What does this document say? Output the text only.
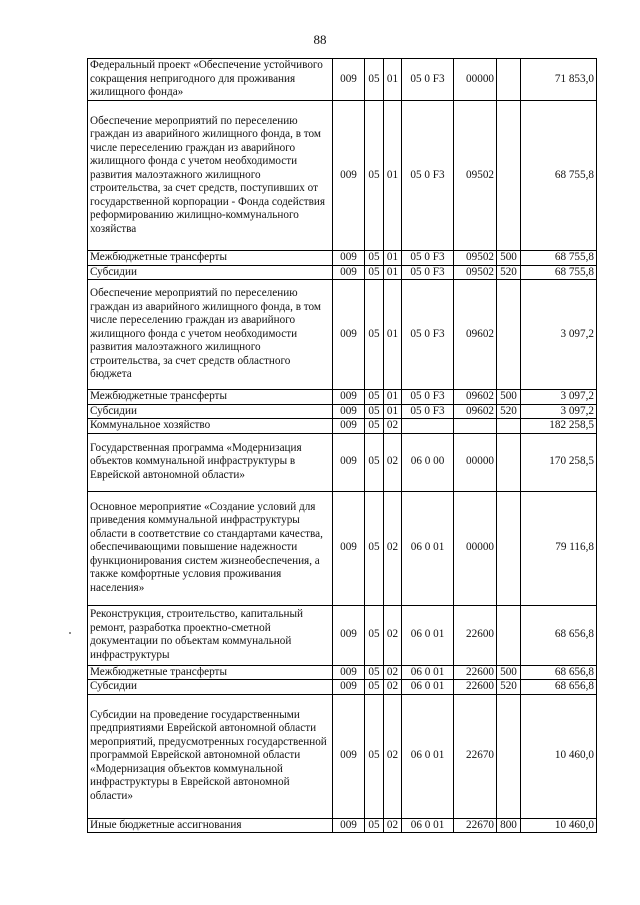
88
Федеральный проект «Обеспечение устойчивого сокращения непригодного для проживания жилищного фонда»	009	05	01	05 0 F3	00000		71 853,0
Обеспечение мероприятий по переселению граждан из аварийного жилищного фонда, в том числе переселению граждан из аварийного жилищного фонда с учетом необходимости развития малоэтажного жилищного строительства, за счет средств, поступивших от государственной корпорации - Фонда содействия реформированию жилищно-коммунального хозяйства	009	05	01	05 0 F3	09502		68 755,8
Межбюджетные трансферты	009	05	01	05 0 F3	09502	500	68 755,8
Субсидии	009	05	01	05 0 F3	09502	520	68 755,8
Обеспечение мероприятий по переселению граждан из аварийного жилищного фонда, в том числе переселению граждан из аварийного жилищного фонда с учетом необходимости развития малоэтажного жилищного строительства, за счет средств областного бюджета	009	05	01	05 0 F3	09602		3 097,2
Межбюджетные трансферты	009	05	01	05 0 F3	09602	500	3 097,2
Субсидии	009	05	01	05 0 F3	09602	520	3 097,2
Коммунальное хозяйство	009	05	02				182 258,5
Государственная программа «Модернизация объектов коммунальной инфраструктуры в Еврейской автономной области»	009	05	02	06 0 00	00000		170 258,5
Основное мероприятие «Создание условий для приведения коммунальной инфраструктуры области в соответствие со стандартами качества, обеспечивающими повышение надежности функционирования систем жизнеобеспечения, а также комфортные условия проживания населения»	009	05	02	06 0 01	00000		79 116,8
Реконструкция, строительство, капитальный ремонт, разработка проектно-сметной документации по объектам коммунальной инфраструктуры	009	05	02	06 0 01	22600		68 656,8
Межбюджетные трансферты	009	05	02	06 0 01	22600	500	68 656,8
Субсидии	009	05	02	06 0 01	22600	520	68 656,8
Субсидии на проведение государственными предприятиями Еврейской автономной области мероприятий, предусмотренных государственной программой Еврейской автономной области «Модернизация объектов коммунальной инфраструктуры в Еврейской автономной области»	009	05	02	06 0 01	22670		10 460,0
Иные бюджетные ассигнования	009	05	02	06 0 01	22670	800	10 460,0
